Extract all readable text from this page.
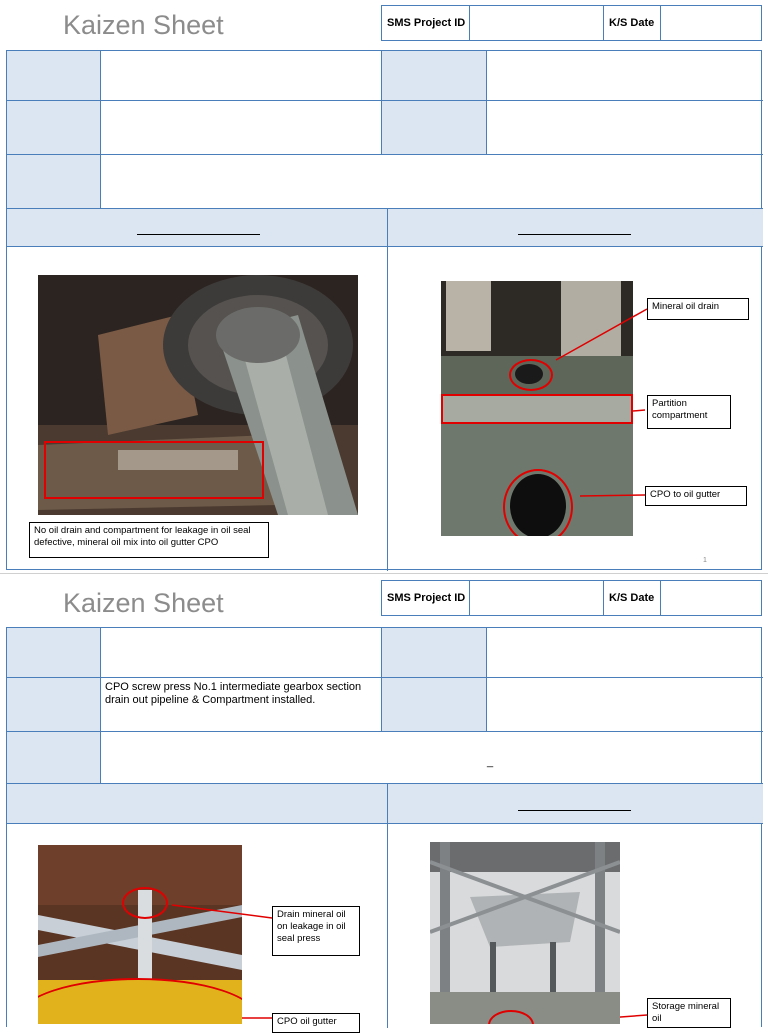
Kaizen Sheet	SMS Project ID	K/S Date
No oil drain and compartment for leakage in oil seal defective, mineral oil mix into oil gutter CPO
Mineral oil drain
Partition compartment
CPO to oil gutter
1
Kaizen Sheet	SMS Project ID	K/S Date
CPO screw press No.1 intermediate gearbox section drain out pipeline & Compartment installed.
_
Drain mineral oil on leakage in oil seal press
CPO oil gutter
Storage mineral oil
